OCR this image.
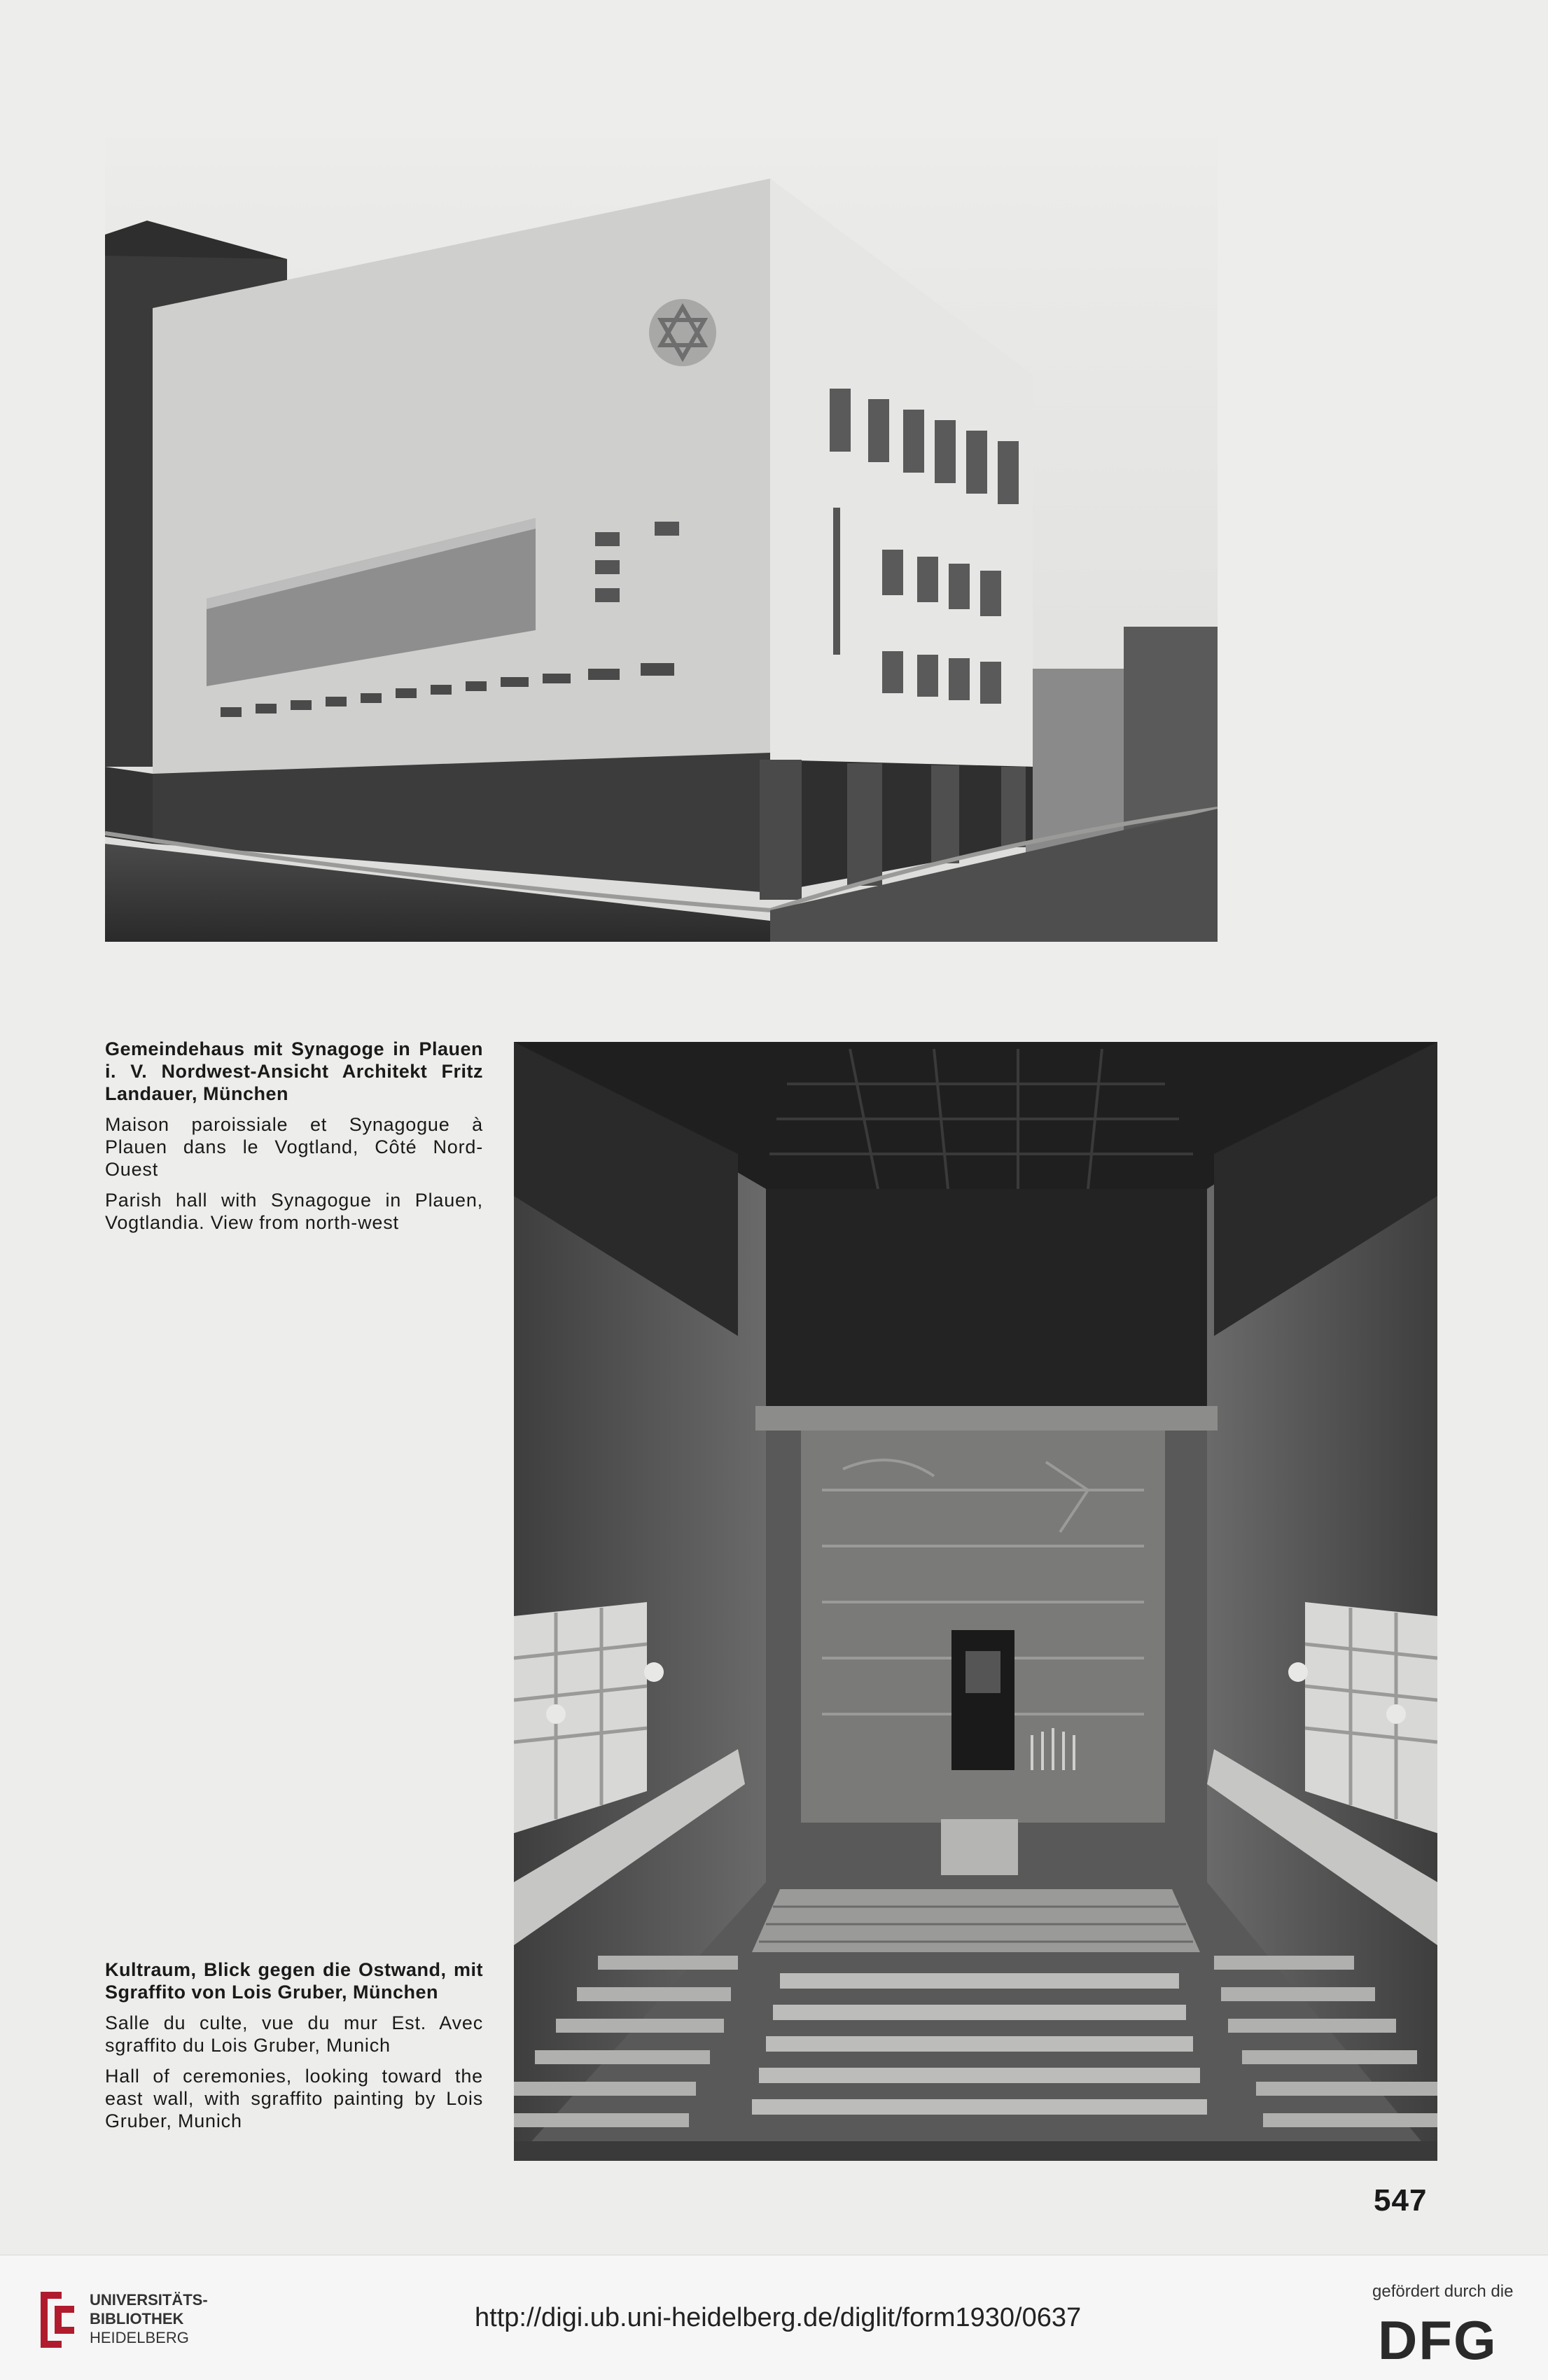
Gemeindehaus mit Synagoge in Plauen i. V. Nordwest-Ansicht Architekt Fritz Landauer, München

Maison paroissiale et Synagogue à Plauen dans le Vogtland, Côté Nord-Ouest

Parish hall with Synagogue in Plauen, Vogtlandia. View from north-west

Kultraum, Blick gegen die Ostwand, mit Sgraffito von Lois Gruber, München

Salle du culte, vue du mur Est. Avec sgraffito du Lois Gruber, Munich

Hall of ceremonies, looking toward the east wall, with sgraffito painting by Lois Gruber, Munich

547
UNIVERSITÄTS-
BIBLIOTHEK
HEIDELBERG
http://digi.ub.uni-heidelberg.de/diglit/form1930/0637
gefördert durch die
DFG
